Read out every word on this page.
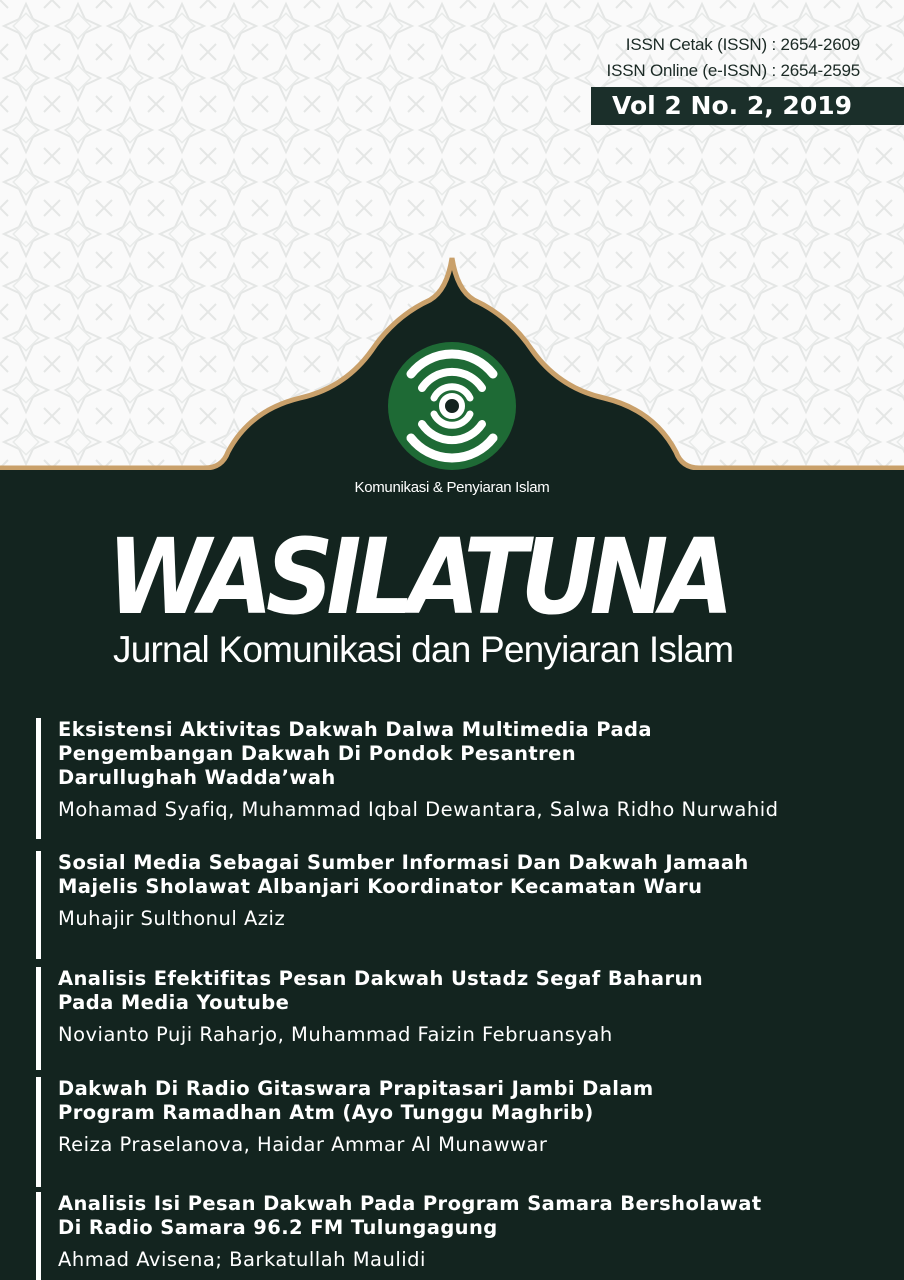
ISSN Cetak (ISSN) : 2654-2609
ISSN Online (e-ISSN) : 2654-2595
Vol 2 No. 2, 2019
Komunikasi & Penyiaran Islam
WASILATUNA
Jurnal Komunikasi dan Penyiaran Islam
Eksistensi Aktivitas Dakwah Dalwa Multimedia Pada
Pengembangan Dakwah Di Pondok Pesantren
Darullughah Wadda’wah
Mohamad Syafiq, Muhammad Iqbal Dewantara, Salwa Ridho Nurwahid
Sosial Media Sebagai Sumber Informasi Dan Dakwah Jamaah
Majelis Sholawat Albanjari Koordinator Kecamatan Waru
Muhajir Sulthonul Aziz
Analisis Efektifitas Pesan Dakwah Ustadz Segaf Baharun
Pada Media Youtube
Novianto Puji Raharjo, Muhammad Faizin Februansyah
Dakwah Di Radio Gitaswara Prapitasari Jambi Dalam
Program Ramadhan Atm (Ayo Tunggu Maghrib)
Reiza Praselanova, Haidar Ammar Al Munawwar
Analisis Isi Pesan Dakwah Pada Program Samara Bersholawat
Di Radio Samara 96.2 FM Tulungagung
Ahmad Avisena; Barkatullah Maulidi
